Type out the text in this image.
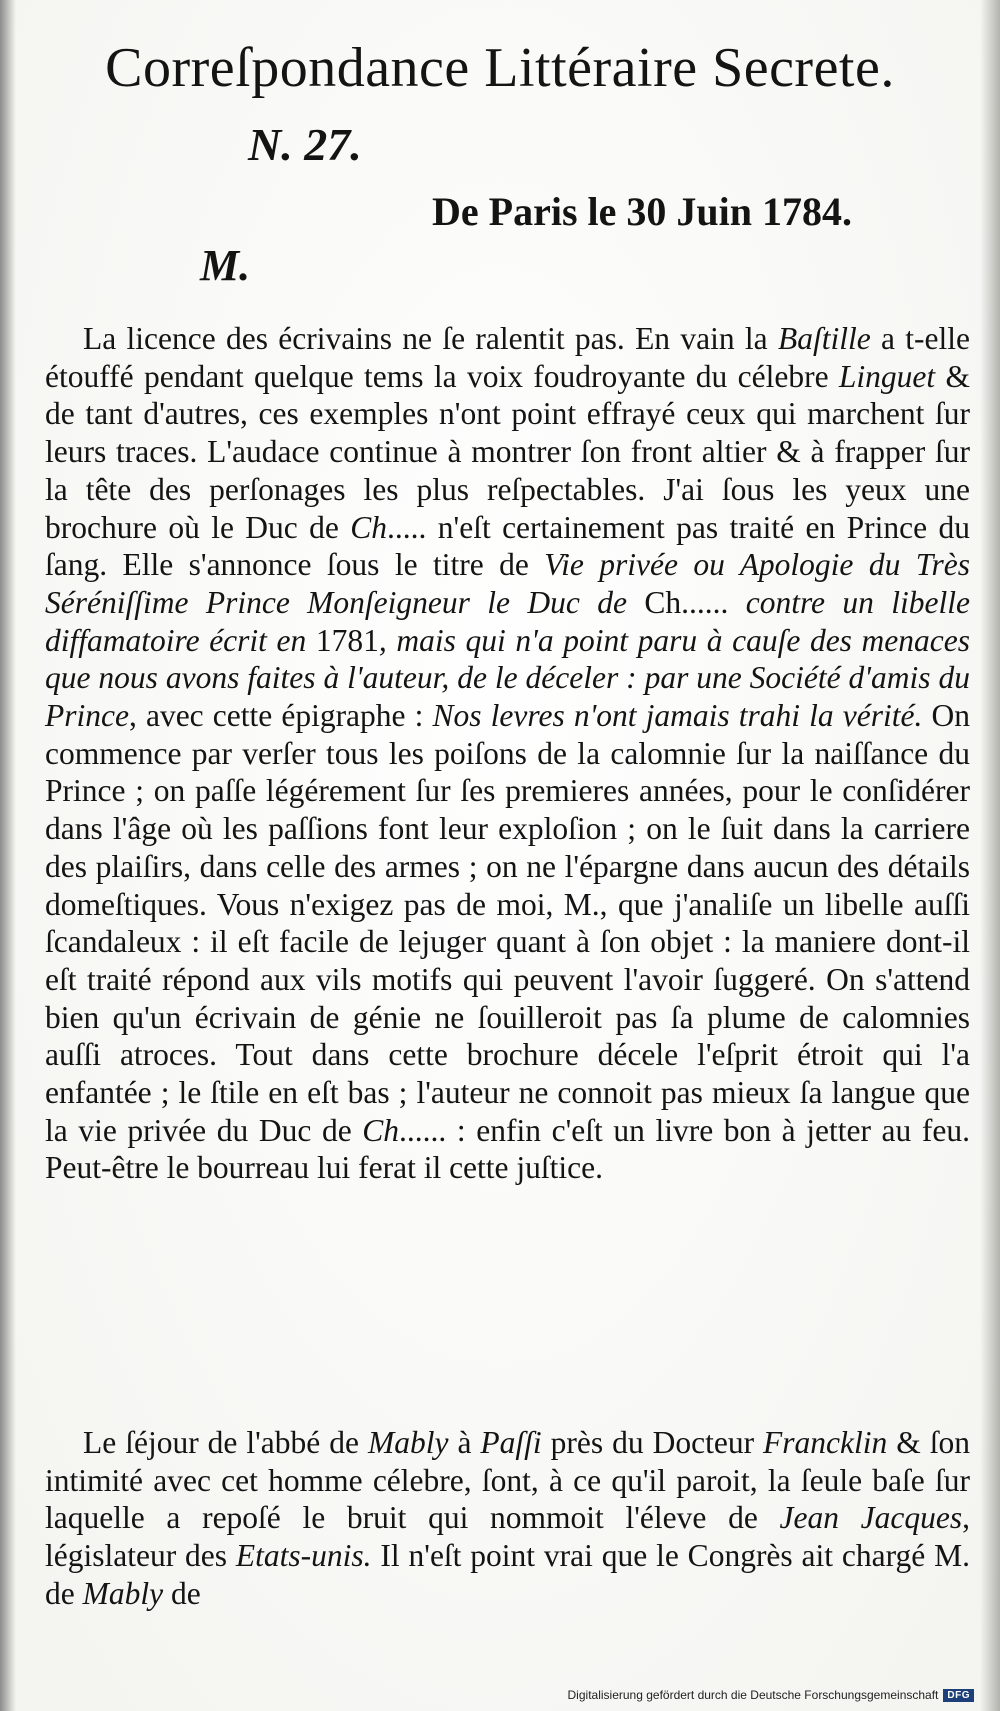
Correſpondance Littéraire Secrete.
N. 27.
De Paris le 30 Juin 1784.
M.

La licence des écrivains ne ſe ralentit pas. En vain la Baſtille a t-elle étouffé pendant quelque tems la voix foudroyante du célebre Linguet & de tant d'autres, ces exemples n'ont point effrayé ceux qui marchent ſur leurs traces. L'audace continue à montrer ſon front altier & à frapper ſur la tête des perſonages les plus reſpectables. J'ai ſous les yeux une brochure où le Duc de Ch..... n'eſt certainement pas traité en Prince du ſang. Elle s'annonce ſous le titre de Vie privée ou Apologie du Très Séréniſſime Prince Monſeigneur le Duc de Ch...... contre un libelle diffamatoire écrit en 1781, mais qui n'a point paru à cauſe des menaces que nous avons faites à l'auteur, de le déceler : par une Société d'amis du Prince, avec cette épigraphe : Nos levres n'ont jamais trahi la vérité. On commence par verſer tous les poiſons de la calomnie ſur la naiſſance du Prince ; on paſſe légérement ſur ſes premieres années, pour le conſidérer dans l'âge où les paſſions font leur exploſion ; on le ſuit dans la carriere des plaiſirs, dans celle des armes ; on ne l'épargne dans aucun des détails domeſtiques. Vous n'exigez pas de moi, M., que j'analiſe un libelle auſſi ſcandaleux : il eſt facile de lejuger quant à ſon objet : la maniere dont-il eſt traité répond aux vils motifs qui peuvent l'avoir ſuggeré. On s'attend bien qu'un écrivain de génie ne ſouilleroit pas ſa plume de calomnies auſſi atroces. Tout dans cette brochure décele l'eſprit étroit qui l'a enfantée ; le ſtile en eſt bas ; l'auteur ne connoit pas mieux ſa langue que la vie privée du Duc de Ch...... : enfin c'eſt un livre bon à jetter au feu. Peut-être le bourreau lui ferat il cette juſtice.

Le ſéjour de l'abbé de Mably à Paſſi près du Docteur Francklin & ſon intimité avec cet homme célebre, ſont, à ce qu'il paroit, la ſeule baſe ſur laquelle a repoſé le bruit qui nommoit l'éleve de Jean Jacques, législateur des Etats-unis. Il n'eſt point vrai que le Congrès ait chargé M. de Mably de

Digitalisierung gefördert durch die Deutsche Forschungsgemeinschaft DFG
